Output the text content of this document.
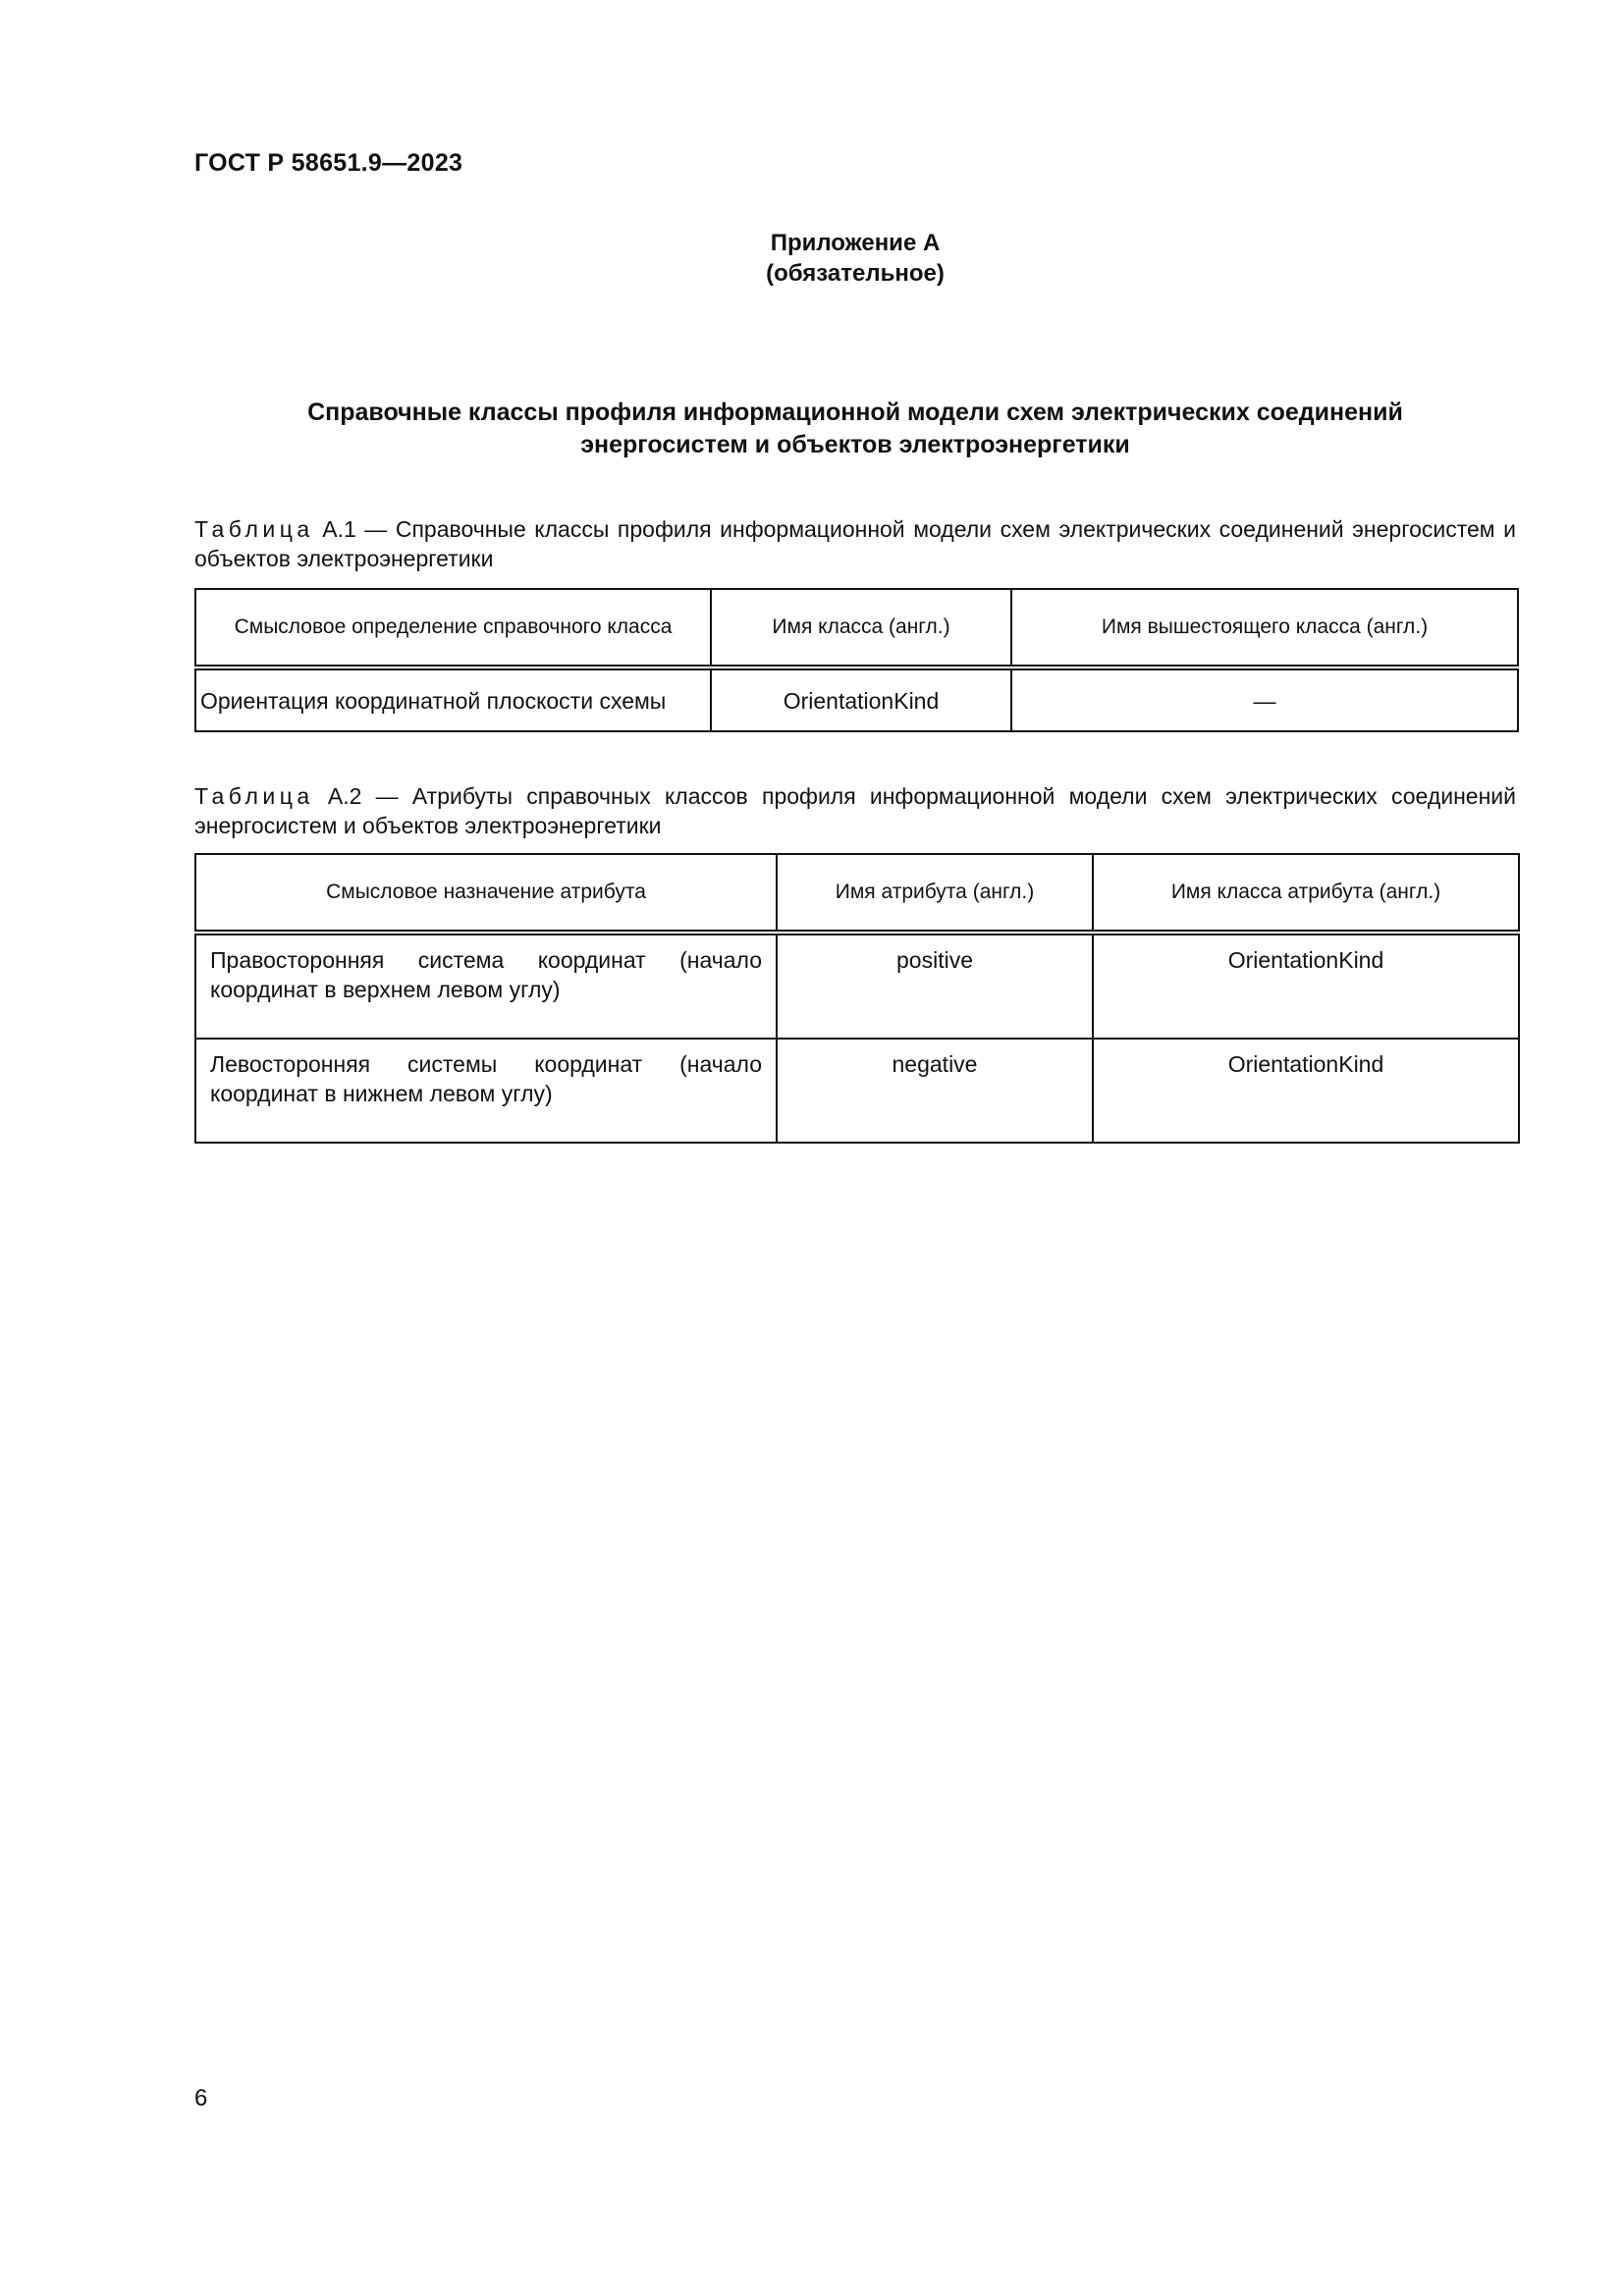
ГОСТ Р 58651.9—2023
Приложение А
(обязательное)
Справочные классы профиля информационной модели схем электрических соединений
энергосистем и объектов электроэнергетики
Таблица А.1 — Справочные классы профиля информационной модели схем электрических соединений энергосистем и объектов электроэнергетики
Смысловое определение справочного класса	Имя класса (англ.)	Имя вышестоящего класса (англ.)
Ориентация координатной плоскости схемы	OrientationKind	—
Таблица А.2 — Атрибуты справочных классов профиля информационной модели схем электрических соединений энергосистем и объектов электроэнергетики
Смысловое назначение атрибута	Имя атрибута (англ.)	Имя класса атрибута (англ.)
Правосторонняя система координат (начало координат в верхнем левом углу)	positive	OrientationKind
Левосторонняя системы координат (начало координат в нижнем левом углу)	negative	OrientationKind
6
